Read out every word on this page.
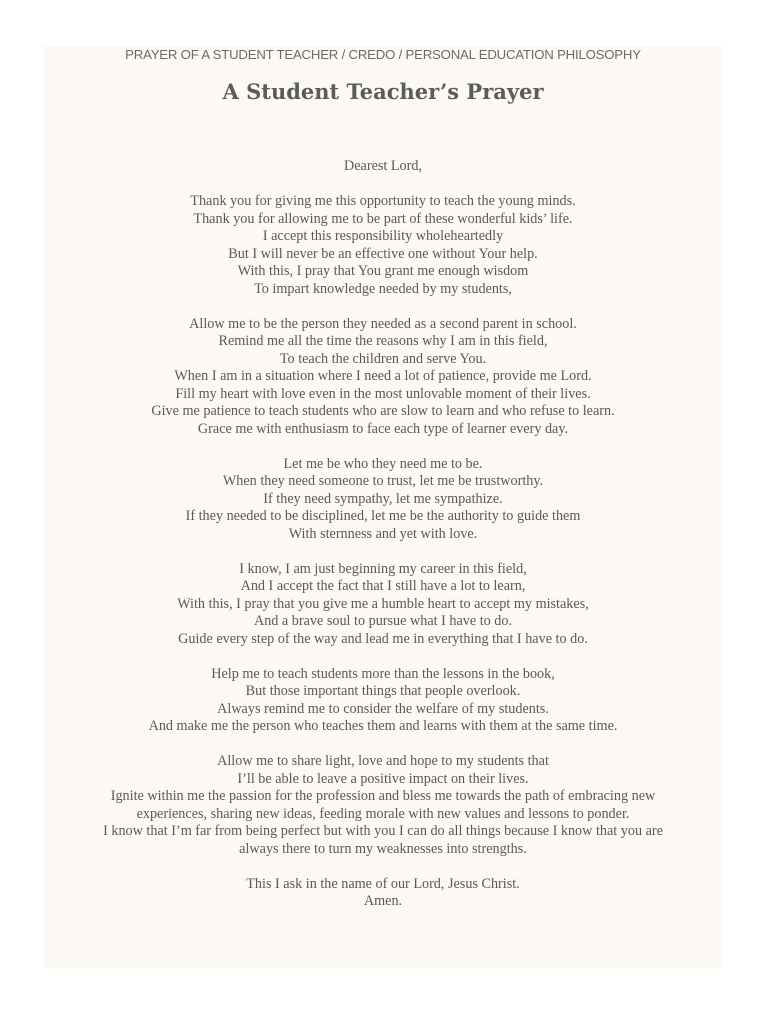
PRAYER OF A STUDENT TEACHER / CREDO / PERSONAL EDUCATION PHILOSOPHY
A Student Teacher’s Prayer
Dearest Lord,
Thank you for giving me this opportunity to teach the young minds.
Thank you for allowing me to be part of these wonderful kids’ life.
I accept this responsibility wholeheartedly
But I will never be an effective one without Your help.
With this, I pray that You grant me enough wisdom
To impart knowledge needed by my students,
Allow me to be the person they needed as a second parent in school.
Remind me all the time the reasons why I am in this field,
To teach the children and serve You.
When I am in a situation where I need a lot of patience, provide me Lord.
Fill my heart with love even in the most unlovable moment of their lives.
Give me patience to teach students who are slow to learn and who refuse to learn.
Grace me with enthusiasm to face each type of learner every day.
Let me be who they need me to be.
When they need someone to trust, let me be trustworthy.
If they need sympathy, let me sympathize.
If they needed to be disciplined, let me be the authority to guide them
With sternness and yet with love.
I know, I am just beginning my career in this field,
And I accept the fact that I still have a lot to learn,
With this, I pray that you give me a humble heart to accept my mistakes,
And a brave soul to pursue what I have to do.
Guide every step of the way and lead me in everything that I have to do.
Help me to teach students more than the lessons in the book,
But those important things that people overlook.
Always remind me to consider the welfare of my students.
And make me the person who teaches them and learns with them at the same time.
Allow me to share light, love and hope to my students that
I’ll be able to leave a positive impact on their lives.
Ignite within me the passion for the profession and bless me towards the path of embracing new
experiences, sharing new ideas, feeding morale with new values and lessons to ponder.
I know that I’m far from being perfect but with you I can do all things because I know that you are
always there to turn my weaknesses into strengths.
This I ask in the name of our Lord, Jesus Christ.
Amen.
